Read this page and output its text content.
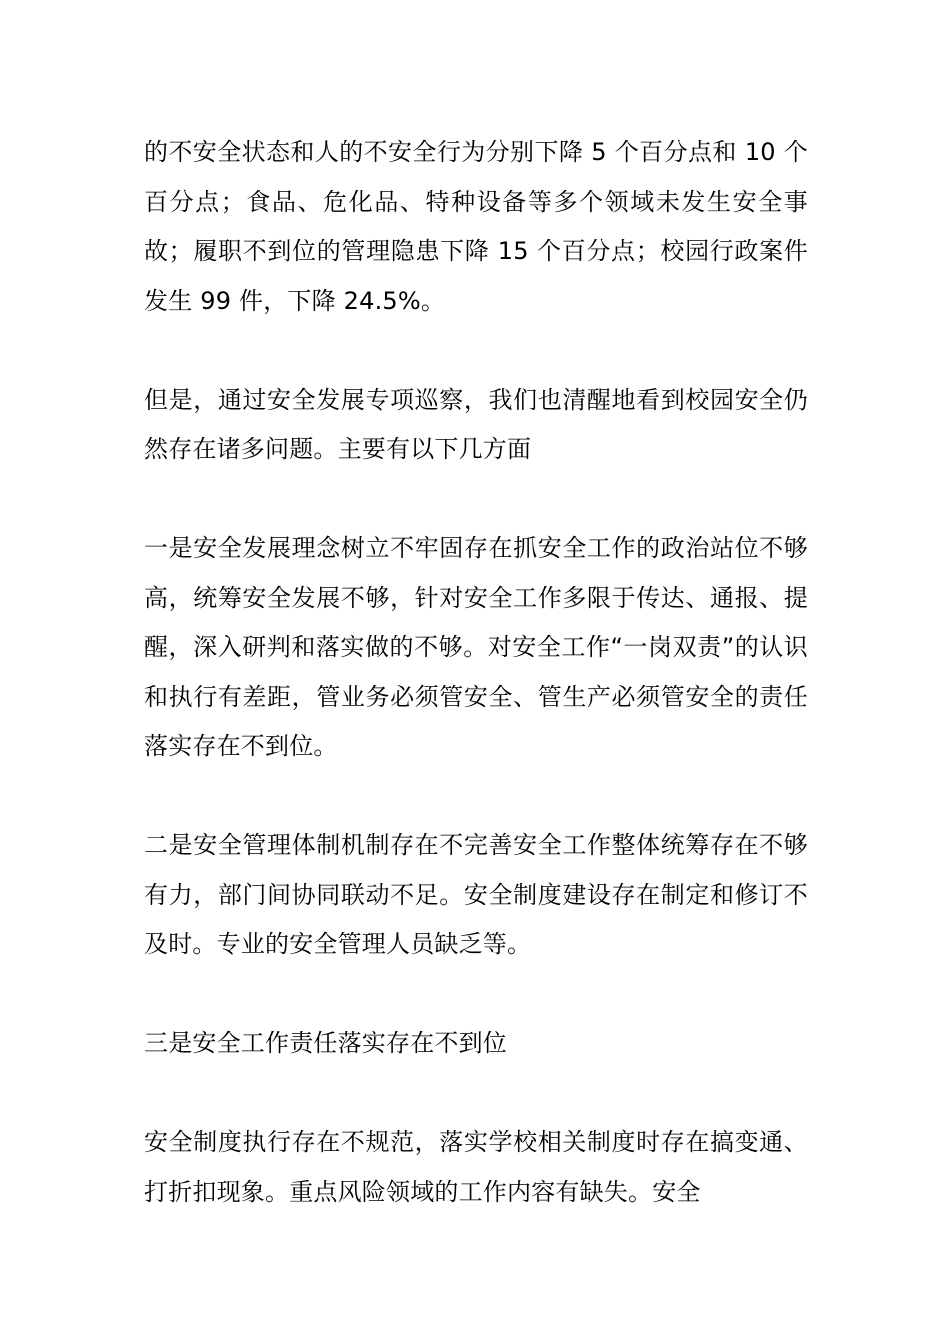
的不安全状态和人的不安全行为分别下降 5 个百分点和 10 个百分点；食品、危化品、特种设备等多个领域未发生安全事故；履职不到位的管理隐患下降 15 个百分点；校园行政案件发生 99 件，下降 24.5%。

但是，通过安全发展专项巡察，我们也清醒地看到校园安全仍然存在诸多问题。主要有以下几方面

一是安全发展理念树立不牢固存在抓安全工作的政治站位不够高，统筹安全发展不够，针对安全工作多限于传达、通报、提醒，深入研判和落实做的不够。对安全工作“一岗双责”的认识和执行有差距，管业务必须管安全、管生产必须管安全的责任落实存在不到位。

二是安全管理体制机制存在不完善安全工作整体统筹存在不够有力，部门间协同联动不足。安全制度建设存在制定和修订不及时。专业的安全管理人员缺乏等。

三是安全工作责任落实存在不到位

安全制度执行存在不规范，落实学校相关制度时存在搞变通、打折扣现象。重点风险领域的工作内容有缺失。安全
